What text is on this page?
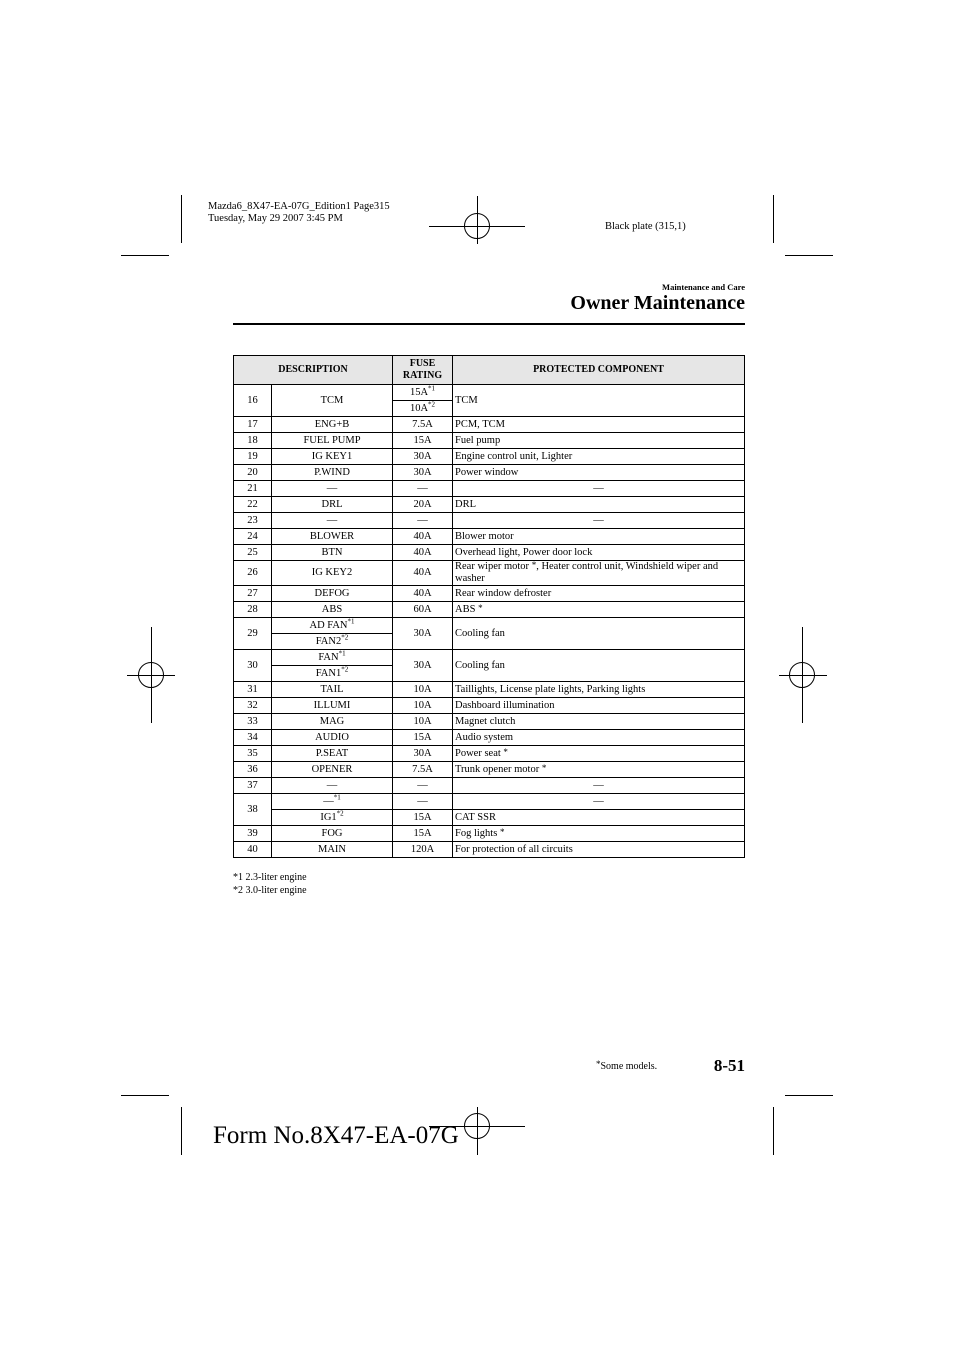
Mazda6_8X47-EA-07G_Edition1 Page315
Tuesday, May 29 2007 3:45 PM
Black plate (315,1)
Maintenance and Care
Owner Maintenance
DESCRIPTION		FUSE
RATING	PROTECTED COMPONENT
16	TCM	$15A^{*1}$	TCM
		$10A^{*2}$
17	ENG+B	7.5A	PCM, TCM
18	FUEL PUMP	15A	Fuel pump
19	IG KEY1	30A	Engine control unit, Lighter
20	P.WIND	30A	Power window
21	—	—	—
22	DRL	20A	DRL
23	—	—	—
24	BLOWER	40A	Blower motor
25	BTN	40A	Overhead light, Power door lock
26	IG KEY2	40A	Rear wiper motor *, Heater control unit, Windshield wiper and washer
27	DEFOG	40A	Rear window defroster
28	ABS	60A	ABS *
29	AD FAN$^{*1}$	30A	Cooling fan
	FAN2$^{*2}$
30	FAN$^{*1}$	30A	Cooling fan
	FAN1$^{*2}$
31	TAIL	10A	Taillights, License plate lights, Parking lights
32	ILLUMI	10A	Dashboard illumination
33	MAG	10A	Magnet clutch
34	AUDIO	15A	Audio system
35	P.SEAT	30A	Power seat *
36	OPENER	7.5A	Trunk opener motor *
37	—	—	—
38	—$^{*1}$	—	—
	IG1$^{*2}$	15A	CAT SSR
39	FOG	15A	Fog lights *
40	MAIN	120A	For protection of all circuits
*1 2.3-liter engine
*2 3.0-liter engine
*Some models.	8-51
Form No.8X47-EA-07G
